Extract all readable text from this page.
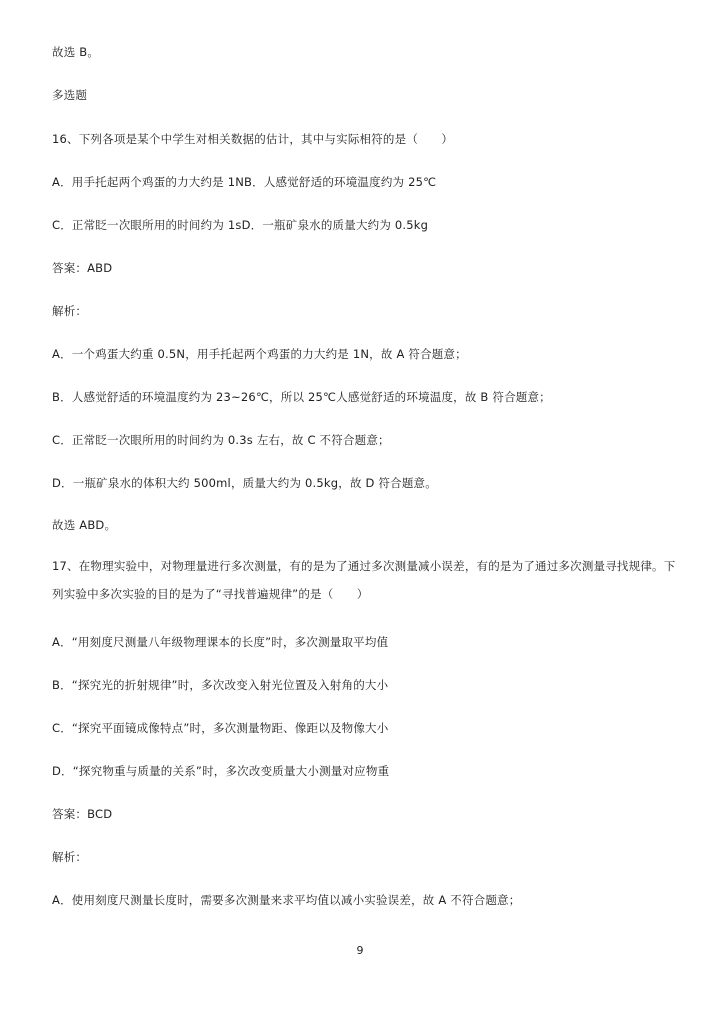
故选 B。
多选题
16、下列各项是某个中学生对相关数据的估计，其中与实际相符的是（　　）
A．用手托起两个鸡蛋的力大约是 1NB．人感觉舒适的环境温度约为 25℃
C．正常眨一次眼所用的时间约为 1sD．一瓶矿泉水的质量大约为 0.5kg
答案：ABD
解析：
A．一个鸡蛋大约重 0.5N，用手托起两个鸡蛋的力大约是 1N，故 A 符合题意；
B．人感觉舒适的环境温度约为 23~26℃，所以 25℃人感觉舒适的环境温度，故 B 符合题意；
C．正常眨一次眼所用的时间约为 0.3s 左右，故 C 不符合题意；
D．一瓶矿泉水的体积大约 500ml，质量大约为 0.5kg，故 D 符合题意。
故选 ABD。
17、在物理实验中，对物理量进行多次测量，有的是为了通过多次测量减小误差，有的是为了通过多次测量寻找规律。下列实验中多次实验的目的是为了“寻找普遍规律”的是（　　）
A．“用刻度尺测量八年级物理课本的长度”时，多次测量取平均值
B．“探究光的折射规律”时，多次改变入射光位置及入射角的大小
C．“探究平面镜成像特点”时，多次测量物距、像距以及物像大小
D．“探究物重与质量的关系”时，多次改变质量大小测量对应物重
答案：BCD
解析：
A．使用刻度尺测量长度时，需要多次测量来求平均值以减小实验误差，故 A 不符合题意；
9
